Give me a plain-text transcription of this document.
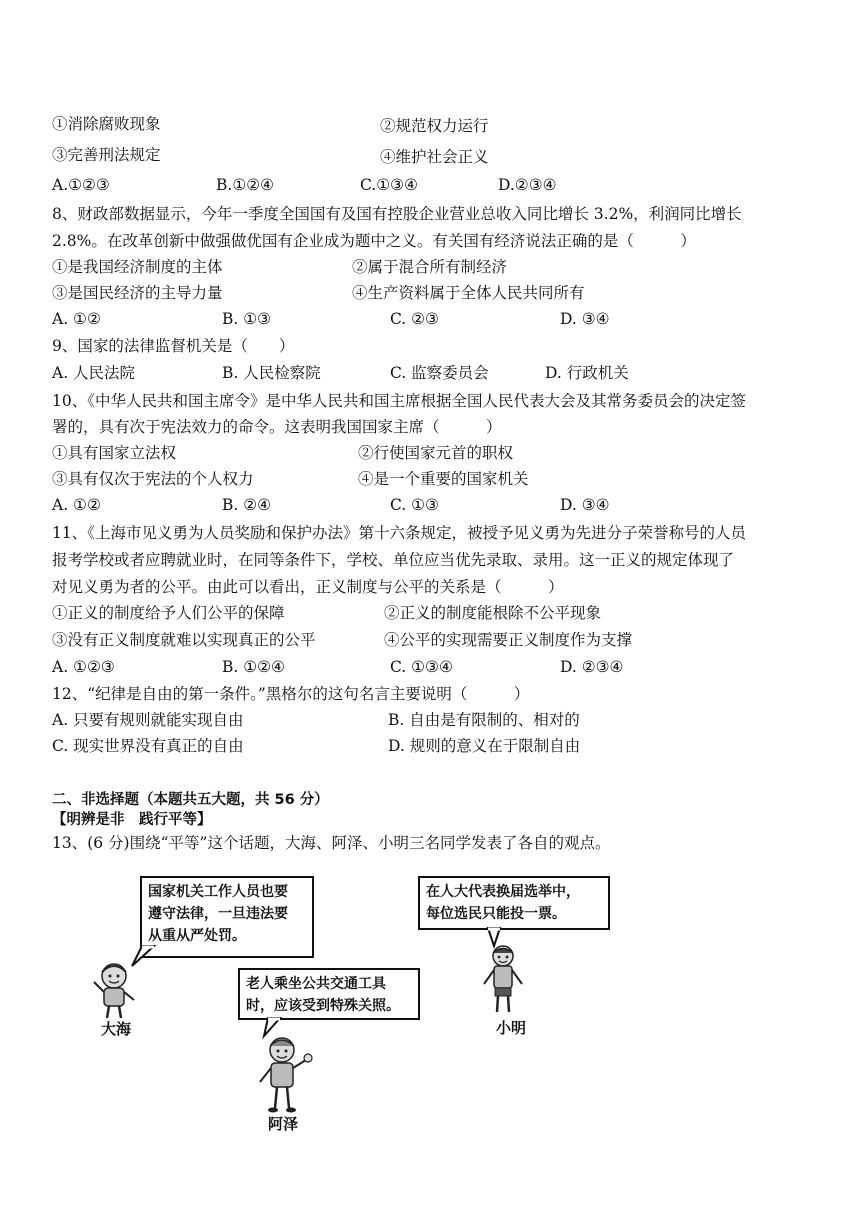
①消除腐败现象	②规范权力运行
③完善刑法规定	④维护社会正义
A.①②③	B.①②④	C.①③④	D.②③④
8、财政部数据显示，今年一季度全国国有及国有控股企业营业总收入同比增长 3.2%，利润同比增长
2.8%。在改革创新中做强做优国有企业成为题中之义。有关国有经济说法正确的是（　　　）
①是我国经济制度的主体	②属于混合所有制经济
③是国民经济的主导力量	④生产资料属于全体人民共同所有
A. ①②	B. ①③	C. ②③	D. ③④
9、国家的法律监督机关是（　　）
A. 人民法院	B. 人民检察院	C. 监察委员会	D. 行政机关
10、《中华人民共和国主席令》是中华人民共和国主席根据全国人民代表大会及其常务委员会的决定签
署的，具有次于宪法效力的命令。这表明我国国家主席（　　　）
①具有国家立法权	②行使国家元首的职权
③具有仅次于宪法的个人权力	④是一个重要的国家机关
A. ①②	B. ②④	C. ①③	D. ③④
11、《上海市见义勇为人员奖励和保护办法》第十六条规定，被授予见义勇为先进分子荣誉称号的人员
报考学校或者应聘就业时，在同等条件下，学校、单位应当优先录取、录用。这一正义的规定体现了
对见义勇为者的公平。由此可以看出，正义制度与公平的关系是（　　　）
①正义的制度给予人们公平的保障	②正义的制度能根除不公平现象
③没有正义制度就难以实现真正的公平	④公平的实现需要正义制度作为支撑
A. ①②③	B. ①②④	C. ①③④	D. ②③④
12、“纪律是自由的第一条件。”黑格尔的这句名言主要说明（　　　）
A. 只要有规则就能实现自由	B. 自由是有限制的、相对的
C. 现实世界没有真正的自由	D. 规则的意义在于限制自由
二、非选择题（本题共五大题，共 56 分）
【明辨是非　践行平等】
13、(6 分)围绕“平等”这个话题，大海、阿泽、小明三名同学发表了各自的观点。
国家机关工作人员也要
遵守法律，一旦违法要
从重从严处罚。
在人大代表换届选举中，
每位选民只能投一票。
老人乘坐公共交通工具
时，应该受到特殊关照。
大海	小明
阿泽
